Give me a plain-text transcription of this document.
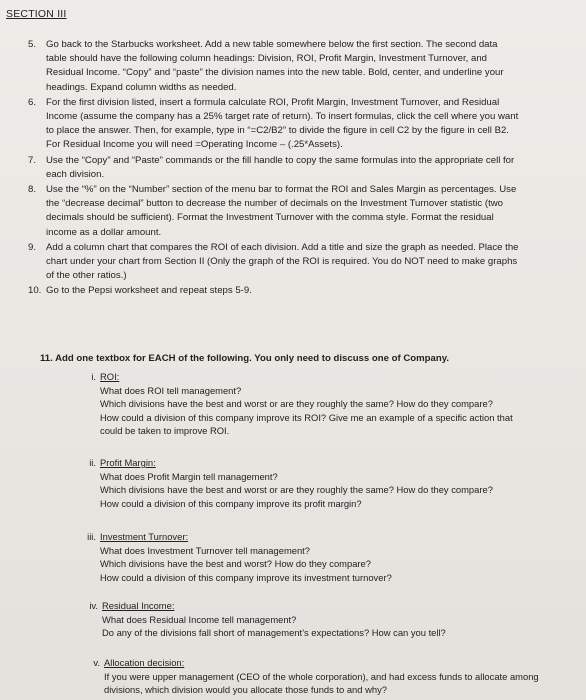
SECTION III
5.	Go back to the Starbucks worksheet. Add a new table somewhere below the first section. The second data
table should have the following column headings: Division, ROI, Profit Margin, Investment Turnover, and
Residual Income. “Copy” and “paste” the division names into the new table. Bold, center, and underline your
headings. Expand column widths as needed.
6.	For the first division listed, insert a formula calculate ROI, Profit Margin, Investment Turnover, and Residual
Income (assume the company has a 25% target rate of return). To insert formulas, click the cell where you want
to place the answer. Then, for example, type in “=C2/B2” to divide the figure in cell C2 by the figure in cell B2.
For Residual Income you will need =Operating Income – (.25*Assets).
7.	Use the “Copy” and “Paste” commands or the fill handle to copy the same formulas into the appropriate cell for
each division.
8.	Use the “%” on the “Number” section of the menu bar to format the ROI and Sales Margin as percentages. Use
the “decrease decimal” button to decrease the number of decimals on the Investment Turnover statistic (two
decimals should be sufficient). Format the Investment Turnover with the comma style. Format the residual
income as a dollar amount.
9.	Add a column chart that compares the ROI of each division. Add a title and size the graph as needed. Place the
chart under your chart from Section II (Only the graph of the ROI is required. You do NOT need to make graphs
of the other ratios.)
10. Go to the Pepsi worksheet and repeat steps 5-9.
11. Add one textbox for EACH of the following. You only need to discuss one of Company.
i. ROI:
What does ROI tell management?
Which divisions have the best and worst or are they roughly the same? How do they compare?
How could a division of this company improve its ROI? Give me an example of a specific action that
could be taken to improve ROI.
ii. Profit Margin:
What does Profit Margin tell management?
Which divisions have the best and worst or are they roughly the same? How do they compare?
How could a division of this company improve its profit margin?
iii. Investment Turnover:
What does Investment Turnover tell management?
Which divisions have the best and worst? How do they compare?
How could a division of this company improve its investment turnover?
iv. Residual Income:
What does Residual Income tell management?
Do any of the divisions fall short of management’s expectations? How can you tell?
v. Allocation decision:
If you were upper management (CEO of the whole corporation), and had excess funds to allocate among
divisions, which division would you allocate those funds to and why?
